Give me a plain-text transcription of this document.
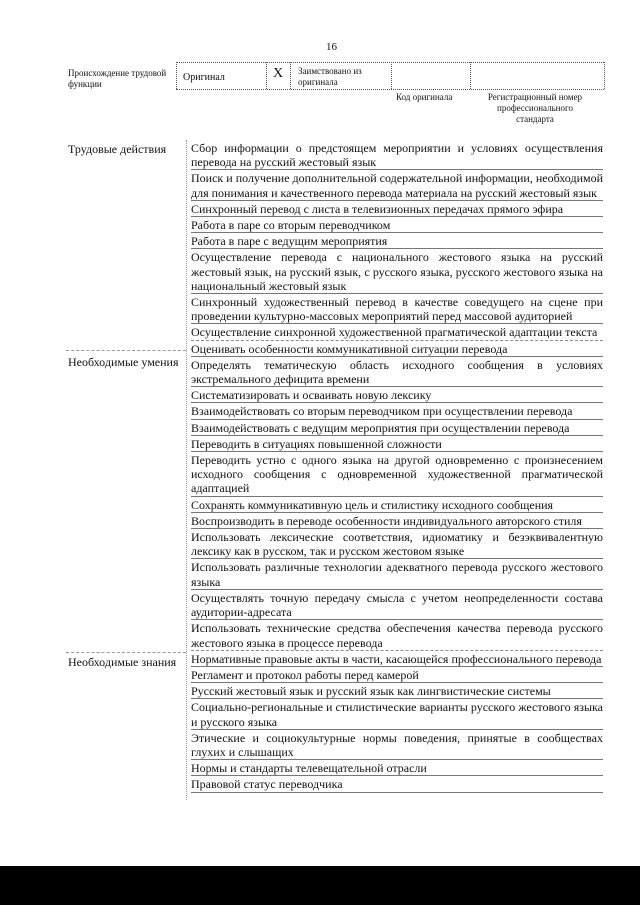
16
Происхождение трудовой функции
Оригинал	X Заимствовано из оригинала
Код оригинала	Регистрационный номер профессионального стандарта
Трудовые действия
Необходимые умения
Необходимые знания
Сбор информации о предстоящем мероприятии и условиях осуществления перевода на русский жестовый язык
Поиск и получение дополнительной содержательной информации, необходимой для понимания и качественного перевода материала на русский жестовый язык
Синхронный перевод с листа в телевизионных передачах прямого эфира
Работа в паре со вторым переводчиком
Работа в паре с ведущим мероприятия
Осуществление перевода с национального жестового языка на русский жестовый язык, на русский язык, с русского языка, русского жестового языка на национальный жестовый язык
Синхронный художественный перевод в качестве соведущего на сцене при проведении культурно-массовых мероприятий перед массовой аудиторией
Осуществление синхронной художественной прагматической адаптации текста
Оценивать особенности коммуникативной ситуации перевода
Определять тематическую область исходного сообщения в условиях экстремального дефицита времени
Систематизировать и осваивать новую лексику
Взаимодействовать со вторым переводчиком при осуществлении перевода
Взаимодействовать с ведущим мероприятия при осуществлении перевода
Переводить в ситуациях повышенной сложности
Переводить устно с одного языка на другой одновременно с произнесением исходного сообщения с одновременной художественной прагматической адаптацией
Сохранять коммуникативную цель и стилистику исходного сообщения
Воспроизводить в переводе особенности индивидуального авторского стиля
Использовать лексические соответствия, идиоматику и безэквивалентную лексику как в русском, так и русском жестовом языке
Использовать различные технологии адекватного перевода русского жестового языка
Осуществлять точную передачу смысла с учетом неопределенности состава аудитории-адресата
Использовать технические средства обеспечения качества перевода русского жестового языка в процессе перевода
Нормативные правовые акты в части, касающейся профессионального перевода
Регламент и протокол работы перед камерой
Русский жестовый язык и русский язык как лингвистические системы
Социально-региональные и стилистические варианты русского жестового языка и русского языка
Этические и социокультурные нормы поведения, принятые в сообществах глухих и слышащих
Нормы и стандарты телевещательной отрасли
Правовой статус переводчика
